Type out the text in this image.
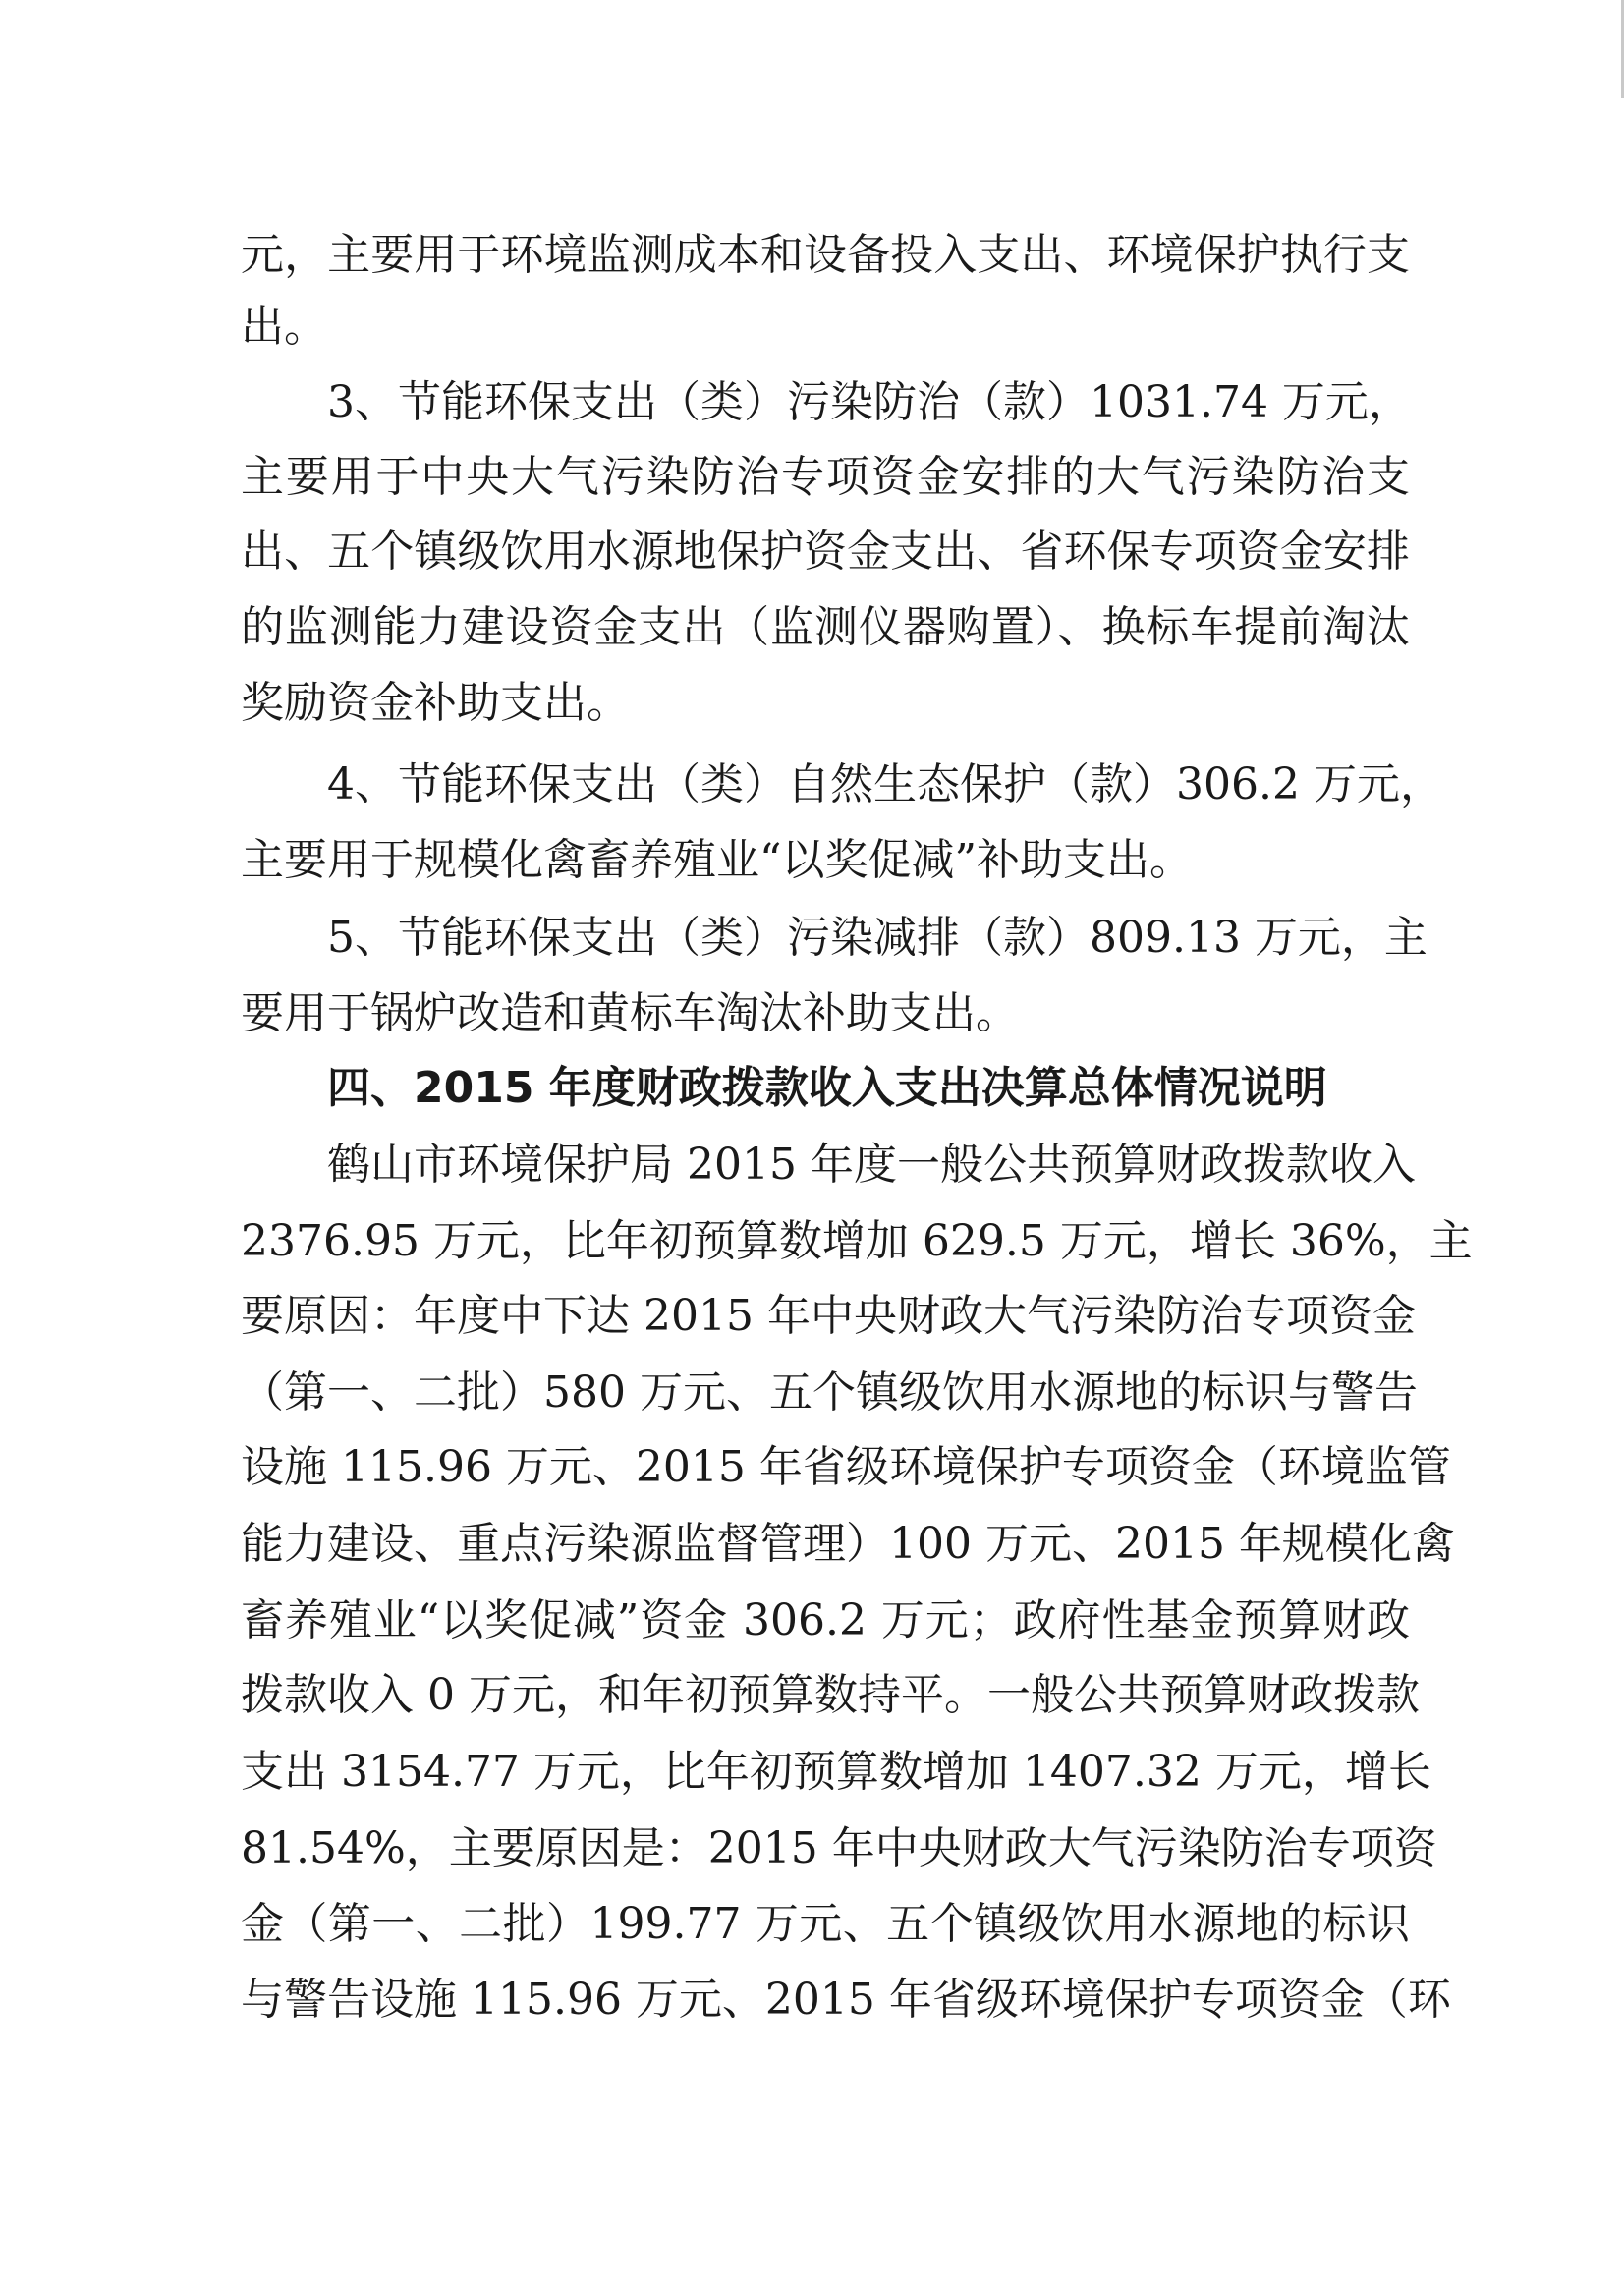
元，主要用于环境监测成本和设备投入支出、环境保护执行支
出。
3、节能环保支出（类）污染防治（款）1031.74 万元，
主要用于中央大气污染防治专项资金安排的大气污染防治支
出、五个镇级饮用水源地保护资金支出、省环保专项资金安排
的监测能力建设资金支出（监测仪器购置）、换标车提前淘汰
奖励资金补助支出。
4、节能环保支出（类）自然生态保护（款）306.2 万元，
主要用于规模化禽畜养殖业“以奖促减”补助支出。
5、节能环保支出（类）污染减排（款）809.13 万元，主
要用于锅炉改造和黄标车淘汰补助支出。
四、2015 年度财政拨款收入支出决算总体情况说明
鹤山市环境保护局 2015 年度一般公共预算财政拨款收入
2376.95 万元，比年初预算数增加 629.5 万元，增长 36%，主
要原因：年度中下达 2015 年中央财政大气污染防治专项资金
（第一、二批）580 万元、五个镇级饮用水源地的标识与警告
设施 115.96 万元、2015 年省级环境保护专项资金（环境监管
能力建设、重点污染源监督管理）100 万元、2015 年规模化禽
畜养殖业“以奖促减”资金 306.2 万元；政府性基金预算财政
拨款收入 0 万元，和年初预算数持平。一般公共预算财政拨款
支出 3154.77 万元，比年初预算数增加 1407.32 万元，增长
81.54%，主要原因是：2015 年中央财政大气污染防治专项资
金（第一、二批）199.77 万元、五个镇级饮用水源地的标识
与警告设施 115.96 万元、2015 年省级环境保护专项资金（环
